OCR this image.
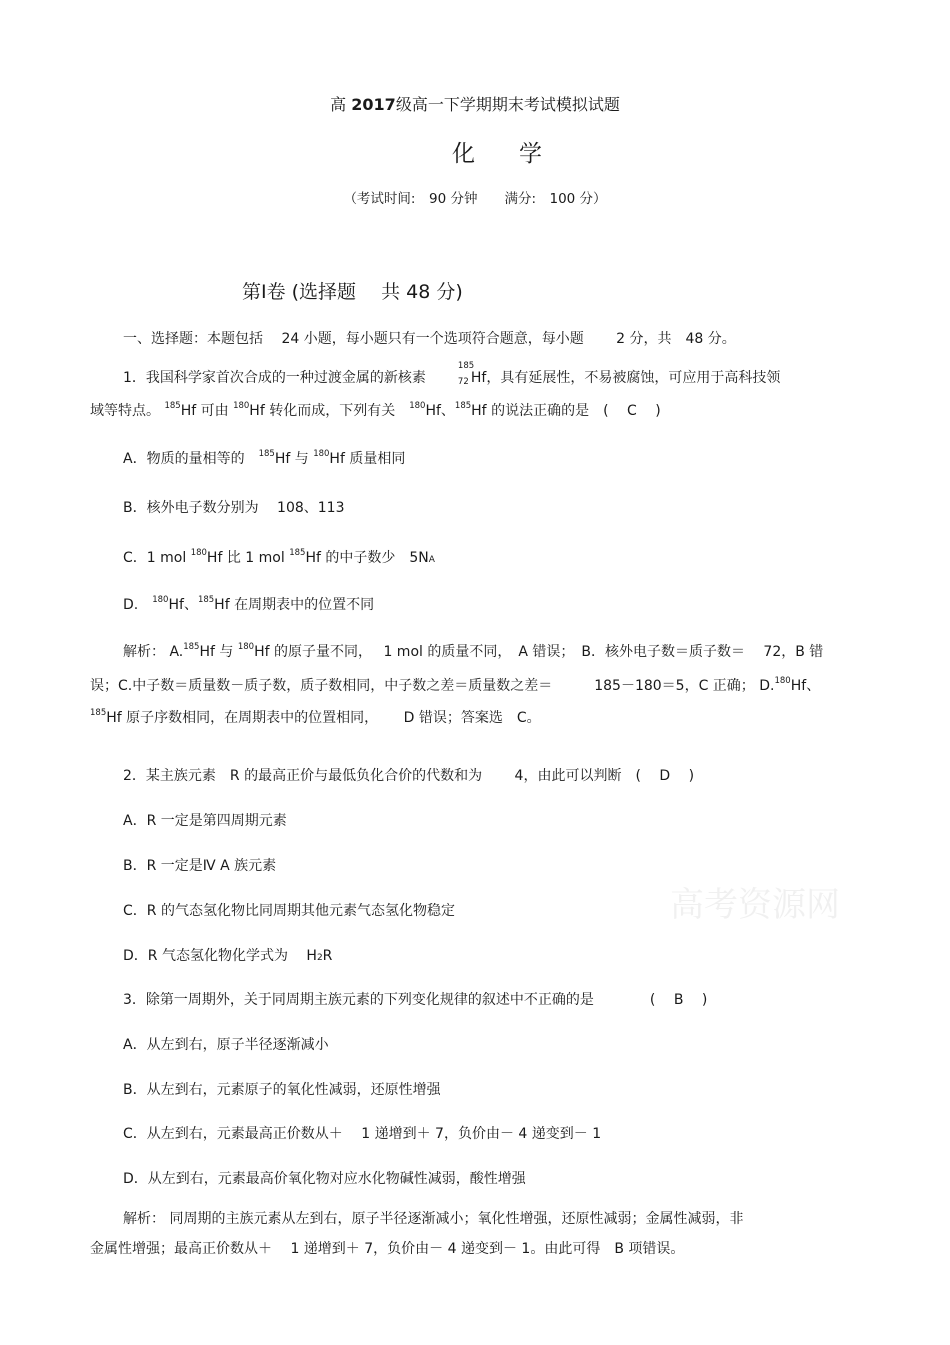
高 2017级高一下学期期末考试模拟试题
化学
（考试时间:　90 分钟　　满分:　100 分）
第Ⅰ卷 (选择题　 共 48 分)
一、选择题：本题包括　 24 小题，每小题只有一个选项符合题意，每小题　　 2 分，共　48 分。
1．我国科学家首次合成的一种过渡金属的新核素
185
72 Hf，具有延展性，不易被腐蚀，可应用于高科技领
域等特点。 $^{185}$Hf 可由 $^{180}$Hf 转化而成，下列有关　$^{180}$Hf、$^{185}$Hf 的说法正确的是　(　 C　 )
A．物质的量相等的　$^{185}$Hf 与 $^{180}$Hf 质量相同
B．核外电子数分别为　 108、113
C．1 mol $^{180}$Hf 比 1 mol $^{185}$Hf 的中子数少　5NA
D.　$^{180}$Hf、$^{185}$Hf 在周期表中的位置不同
解析： A.$^{185}$Hf 与 $^{180}$Hf 的原子量不同，　 1 mol 的质量不同，　A 错误；　B．核外电子数＝质子数＝　 72，B 错
误；C.中子数＝质量数－质子数，质子数相同，中子数之差＝质量数之差＝　　　185－180＝5，C 正确； D.$^{180}$Hf、
$^{185}$Hf 原子序数相同，在周期表中的位置相同，　　 D 错误；答案选　C。
2．某主族元素　R 的最高正价与最低负化合价的代数和为　　 4，由此可以判断　(　 D　 )
A．R 一定是第四周期元素
B．R 一定是Ⅳ A 族元素
C．R 的气态氢化物比同周期其他元素气态氢化物稳定
D．R 气态氢化物化学式为　 H2R
高考资源网
3．除第一周期外，关于同周期主族元素的下列变化规律的叙述中不正确的是　　　　(　 B　 )
A．从左到右，原子半径逐渐减小
B．从左到右，元素原子的氧化性减弱，还原性增强
C．从左到右，元素最高正价数从＋　 1 递增到＋ 7，负价由－ 4 递变到－ 1
D．从左到右，元素最高价氧化物对应水化物碱性减弱，酸性增强
解析： 同周期的主族元素从左到右，原子半径逐渐减小；氧化性增强，还原性减弱；金属性减弱，非
金属性增强；最高正价数从＋　 1 递增到＋ 7，负价由－ 4 递变到－ 1。由此可得　B 项错误。
